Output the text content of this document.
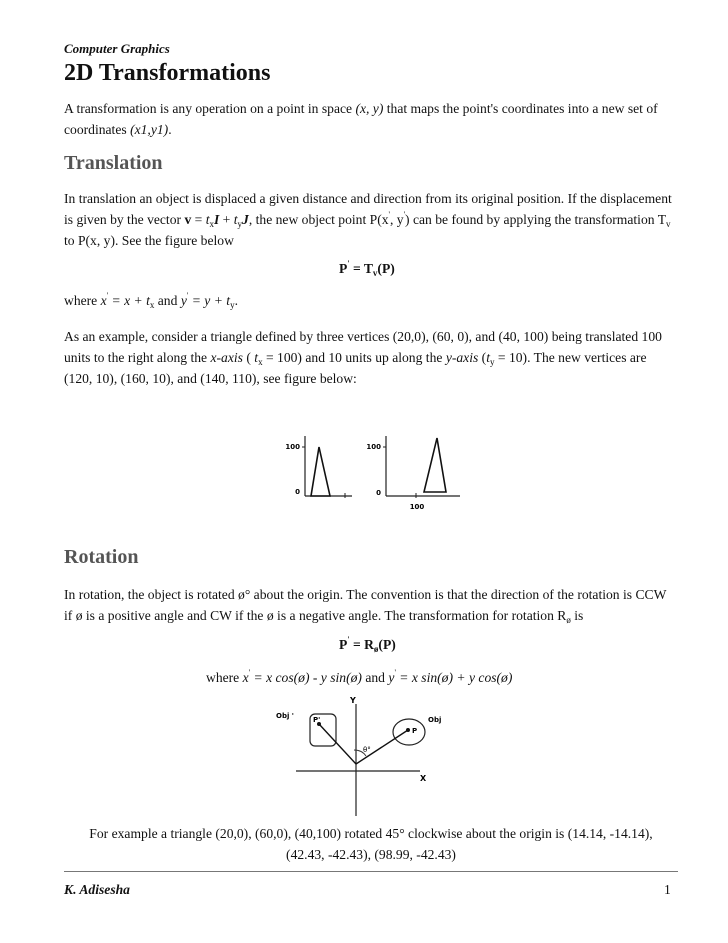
Computer Graphics
2D Transformations

A transformation is any operation on a point in space (x, y) that maps the point's coordinates into a new set of coordinates (x1,y1).

Translation

In translation an object is displaced a given distance and direction from its original position. If the displacement is given by the vector $v = t_xI + t_yJ$, the new object point P(x', y') can be found by applying the transformation $T_v$ to P(x, y). See the figure below

$P' = T_v(P)$
where $x' = x + t_x$ and $y' = y + t_y$.

As an example, consider a triangle defined by three vertices (20,0), (60, 0), and (40, 100) being translated 100 units to the right along the x-axis ( $t_x = 100$) and 10 units up along the y-axis $(t_y = 10)$. The new vertices are (120, 10), (160, 10), and (140, 110), see figure below:

100
0
100
0
100
Rotation

In rotation, the object is rotated ø° about the origin. The convention is that the direction of the rotation is CCW if ø is a positive angle and CW if the ø is a negative angle. The transformation for rotation $R_ø$ is

$P' = R_ø(P)$
where x' = x cos(ø) - y sin(ø) and y' = x sin(ø) + y cos(ø)
Y
X
P'
Obj '
P
Obj
θ°
For example a triangle (20,0), (60,0), (40,100) rotated 45° clockwise about the origin is (14.14, -14.14),
(42.43, -42.43), (98.99, -42.43)
K. Adisesha	1
